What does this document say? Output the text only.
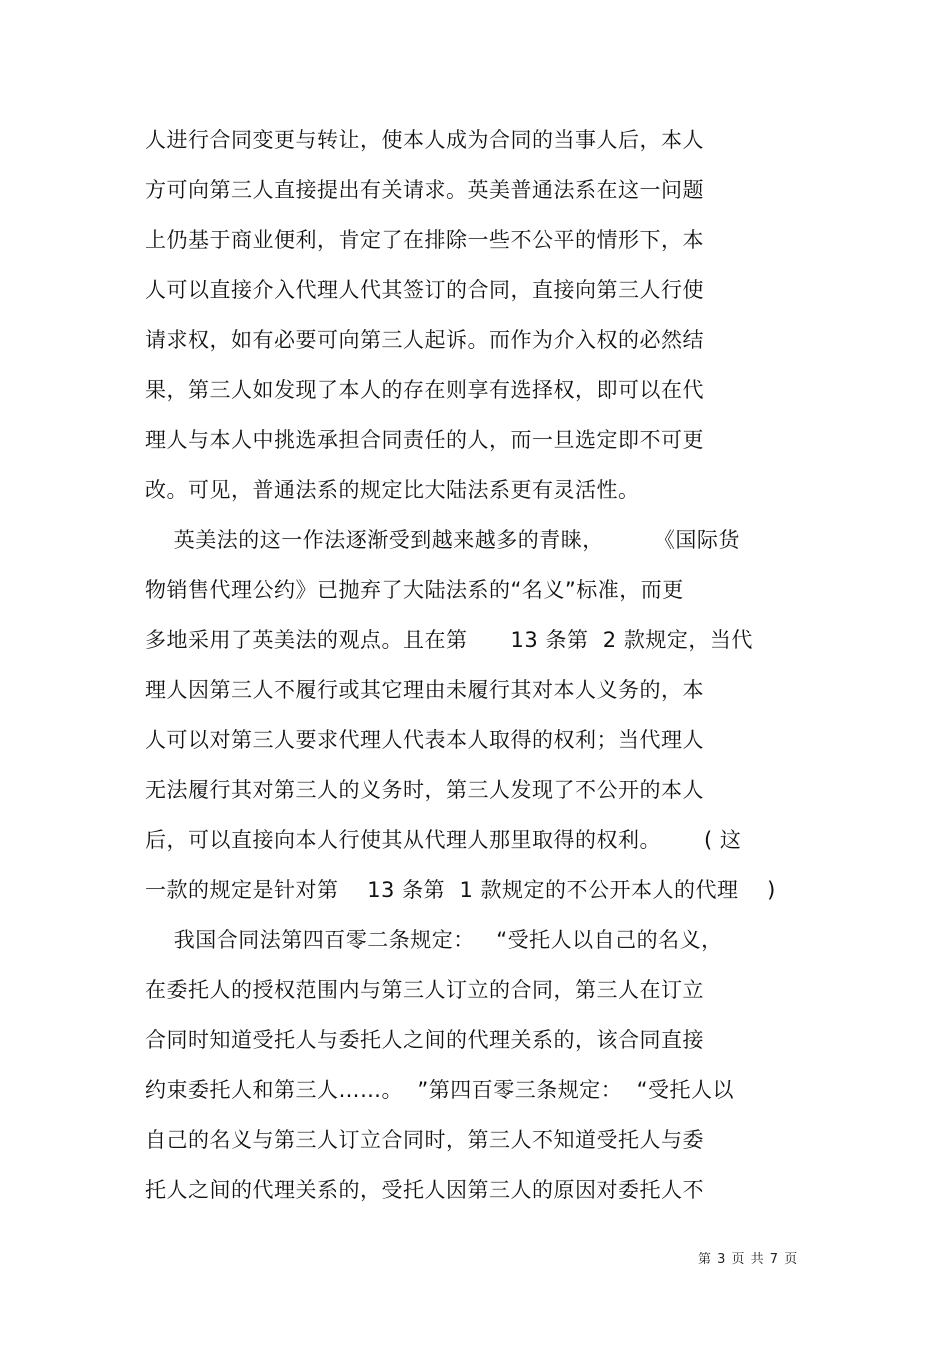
人进行合同变更与转让，使本人成为合同的当事人后，本人
方可向第三人直接提出有关请求。英美普通法系在这一问题
上仍基于商业便利，肯定了在排除一些不公平的情形下，本
人可以直接介入代理人代其签订的合同，直接向第三人行使
请求权，如有必要可向第三人起诉。而作为介入权的必然结
果，第三人如发现了本人的存在则享有选择权，即可以在代
理人与本人中挑选承担合同责任的人，而一旦选定即不可更
改。可见，普通法系的规定比大陆法系更有灵活性。
英美法的这一作法逐渐受到越来越多的青睐，       《国际货
物销售代理公约》已抛弃了大陆法系的“名义”标准，而更
多地采用了英美法的观点。且在第      13 条第  2 款规定，当代
理人因第三人不履行或其它理由未履行其对本人义务的，本
人可以对第三人要求代理人代表本人取得的权利；当代理人
无法履行其对第三人的义务时，第三人发现了不公开的本人
后，可以直接向本人行使其从代理人那里取得的权利。      ( 这
一款的规定是针对第    13 条第  1 款规定的不公开本人的代理    )
我国合同法第四百零二条规定：   “受托人以自己的名义，
在委托人的授权范围内与第三人订立的合同，第三人在订立
合同时知道受托人与委托人之间的代理关系的，该合同直接
约束委托人和第三人……。  ”第四百零三条规定：  “受托人以
自己的名义与第三人订立合同时，第三人不知道受托人与委
托人之间的代理关系的，受托人因第三人的原因对委托人不
第 3 页 共 7 页
